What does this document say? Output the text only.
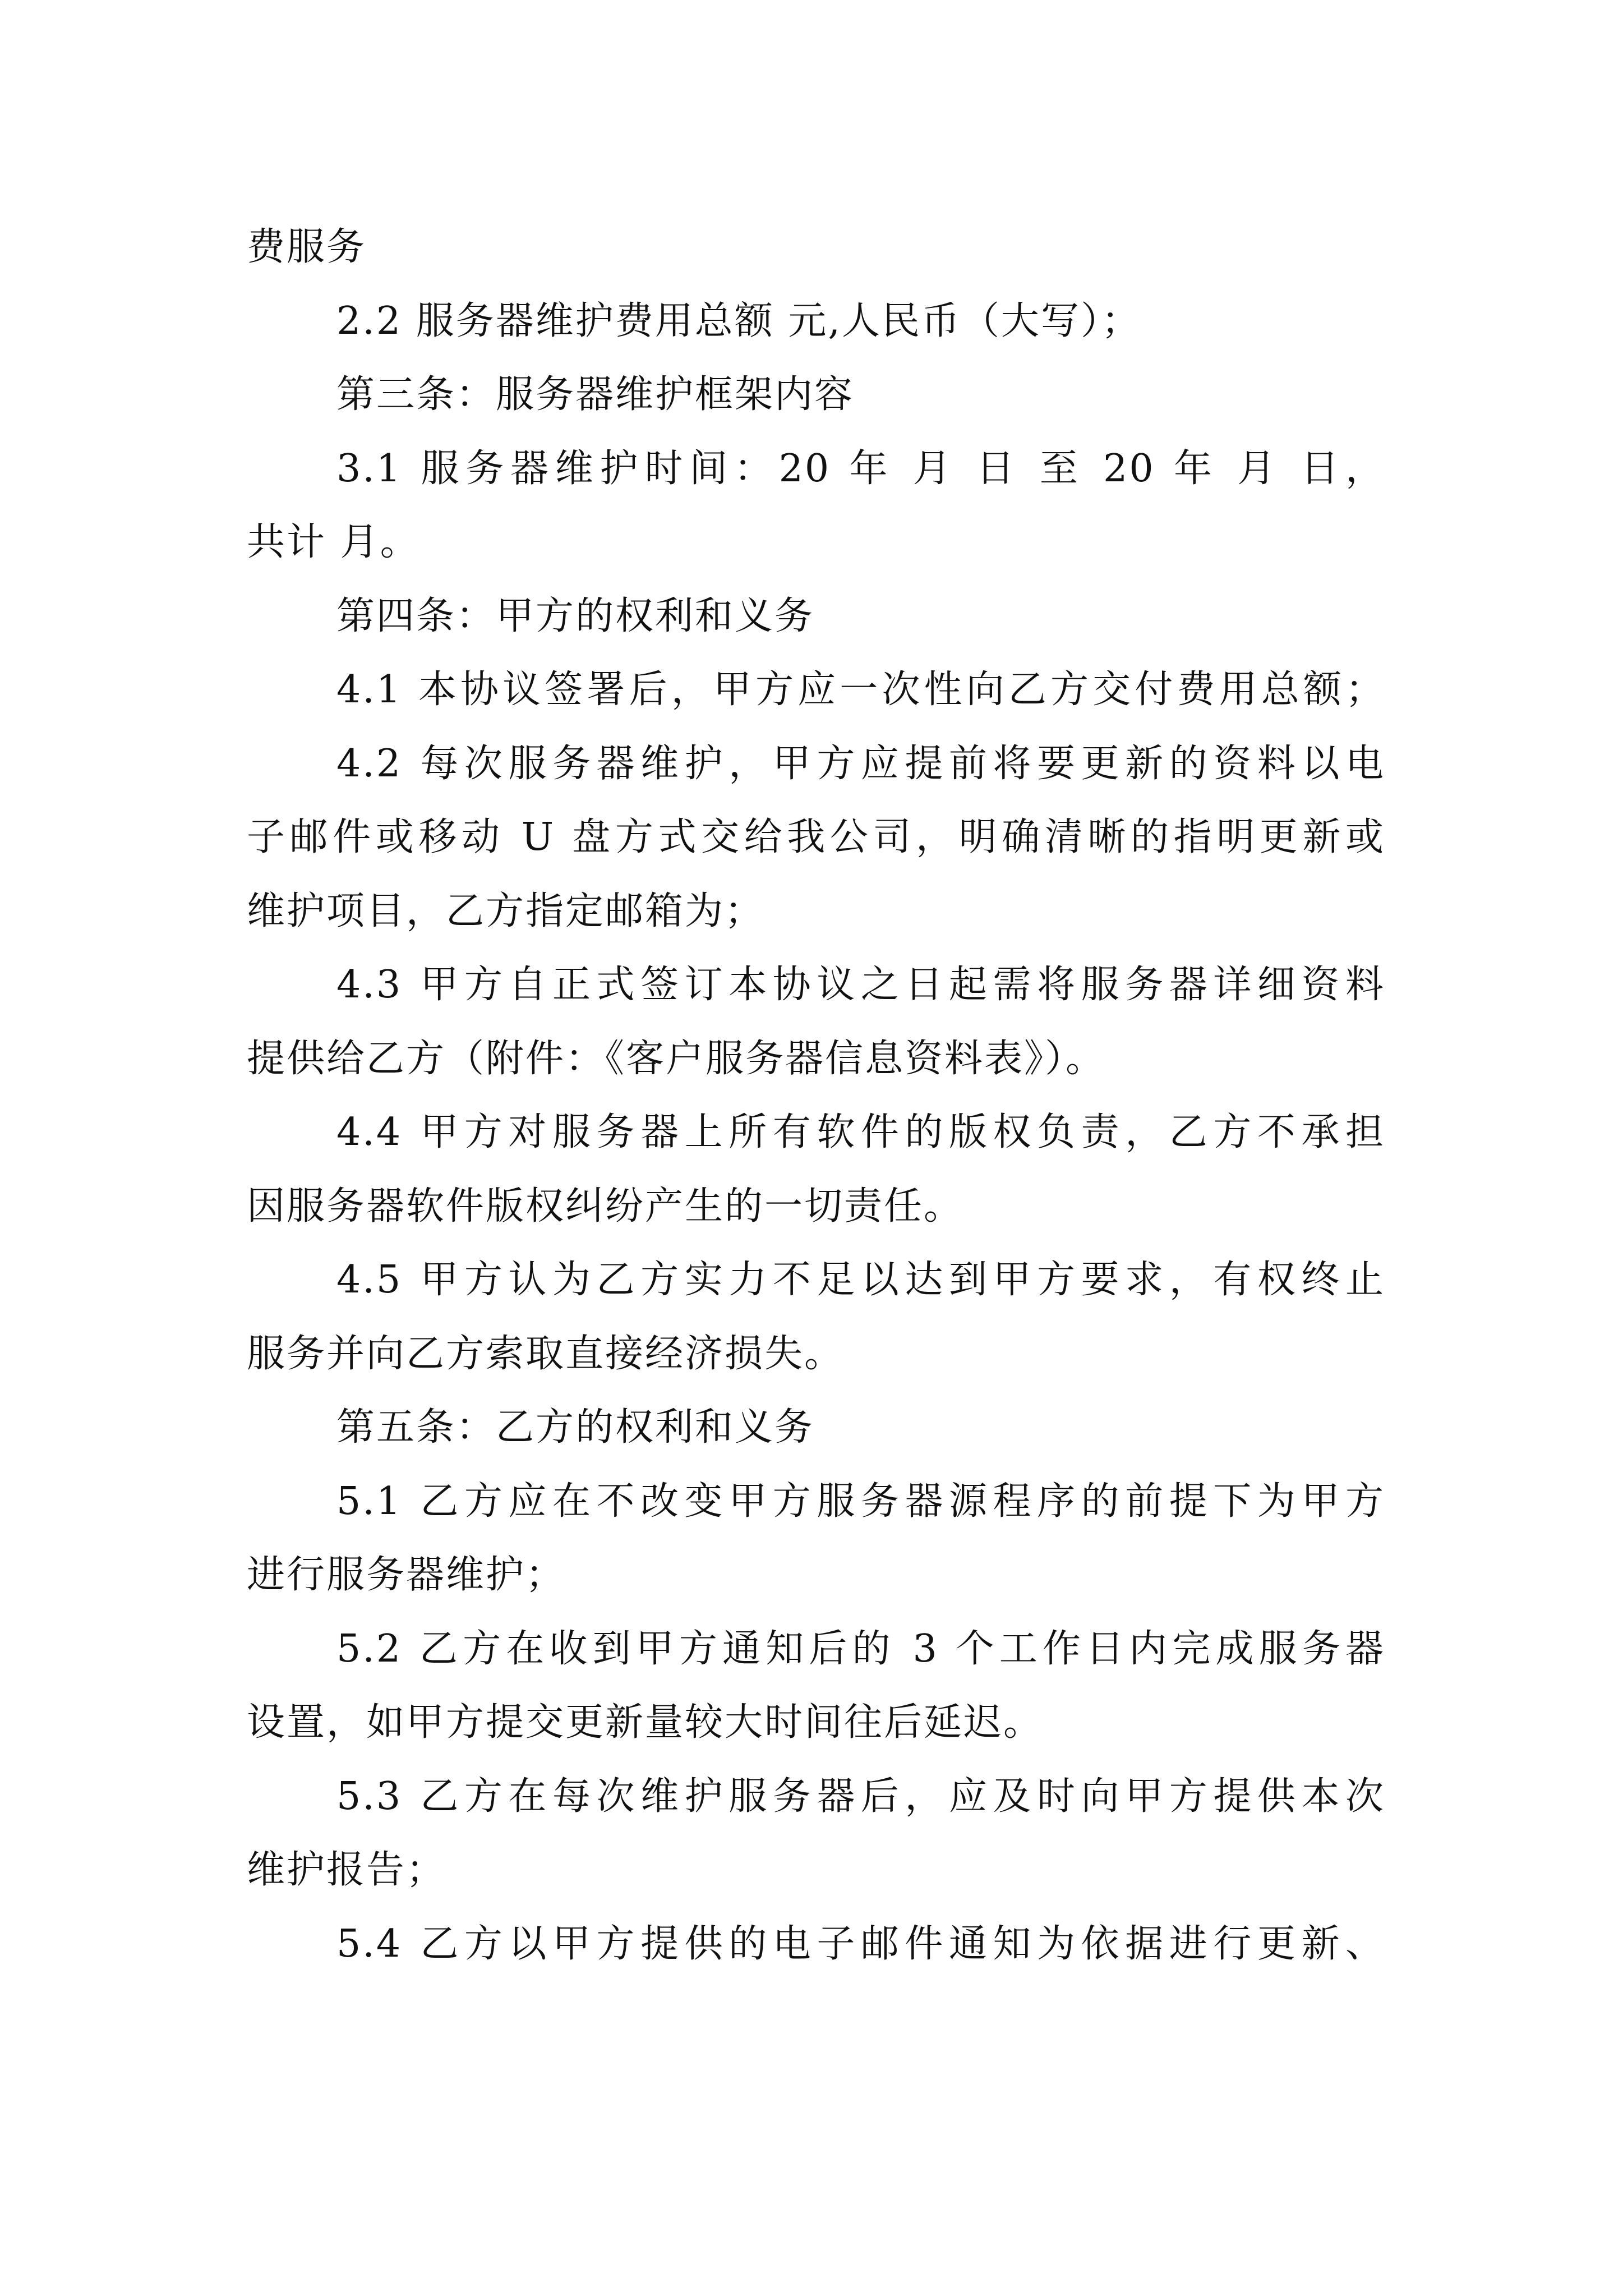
费服务
2.2 服务器维护费用总额 元,人民币（大写）；
第三条：服务器维护框架内容
3.1 服务器维护时间：20 年 月 日 至 20 年 月 日，
共计 月。
第四条：甲方的权利和义务
4.1 本协议签署后，甲方应一次性向乙方交付费用总额；
4.2 每次服务器维护，甲方应提前将要更新的资料以电
子邮件或移动 U 盘方式交给我公司，明确清晰的指明更新或
维护项目，乙方指定邮箱为；
4.3 甲方自正式签订本协议之日起需将服务器详细资料
提供给乙方（附件：《客户服务器信息资料表》）。
4.4 甲方对服务器上所有软件的版权负责，乙方不承担
因服务器软件版权纠纷产生的一切责任。
4.5 甲方认为乙方实力不足以达到甲方要求，有权终止
服务并向乙方索取直接经济损失。
第五条：乙方的权利和义务
5.1 乙方应在不改变甲方服务器源程序的前提下为甲方
进行服务器维护；
5.2 乙方在收到甲方通知后的 3 个工作日内完成服务器
设置，如甲方提交更新量较大时间往后延迟。
5.3 乙方在每次维护服务器后，应及时向甲方提供本次
维护报告；
5.4 乙方以甲方提供的电子邮件通知为依据进行更新、
